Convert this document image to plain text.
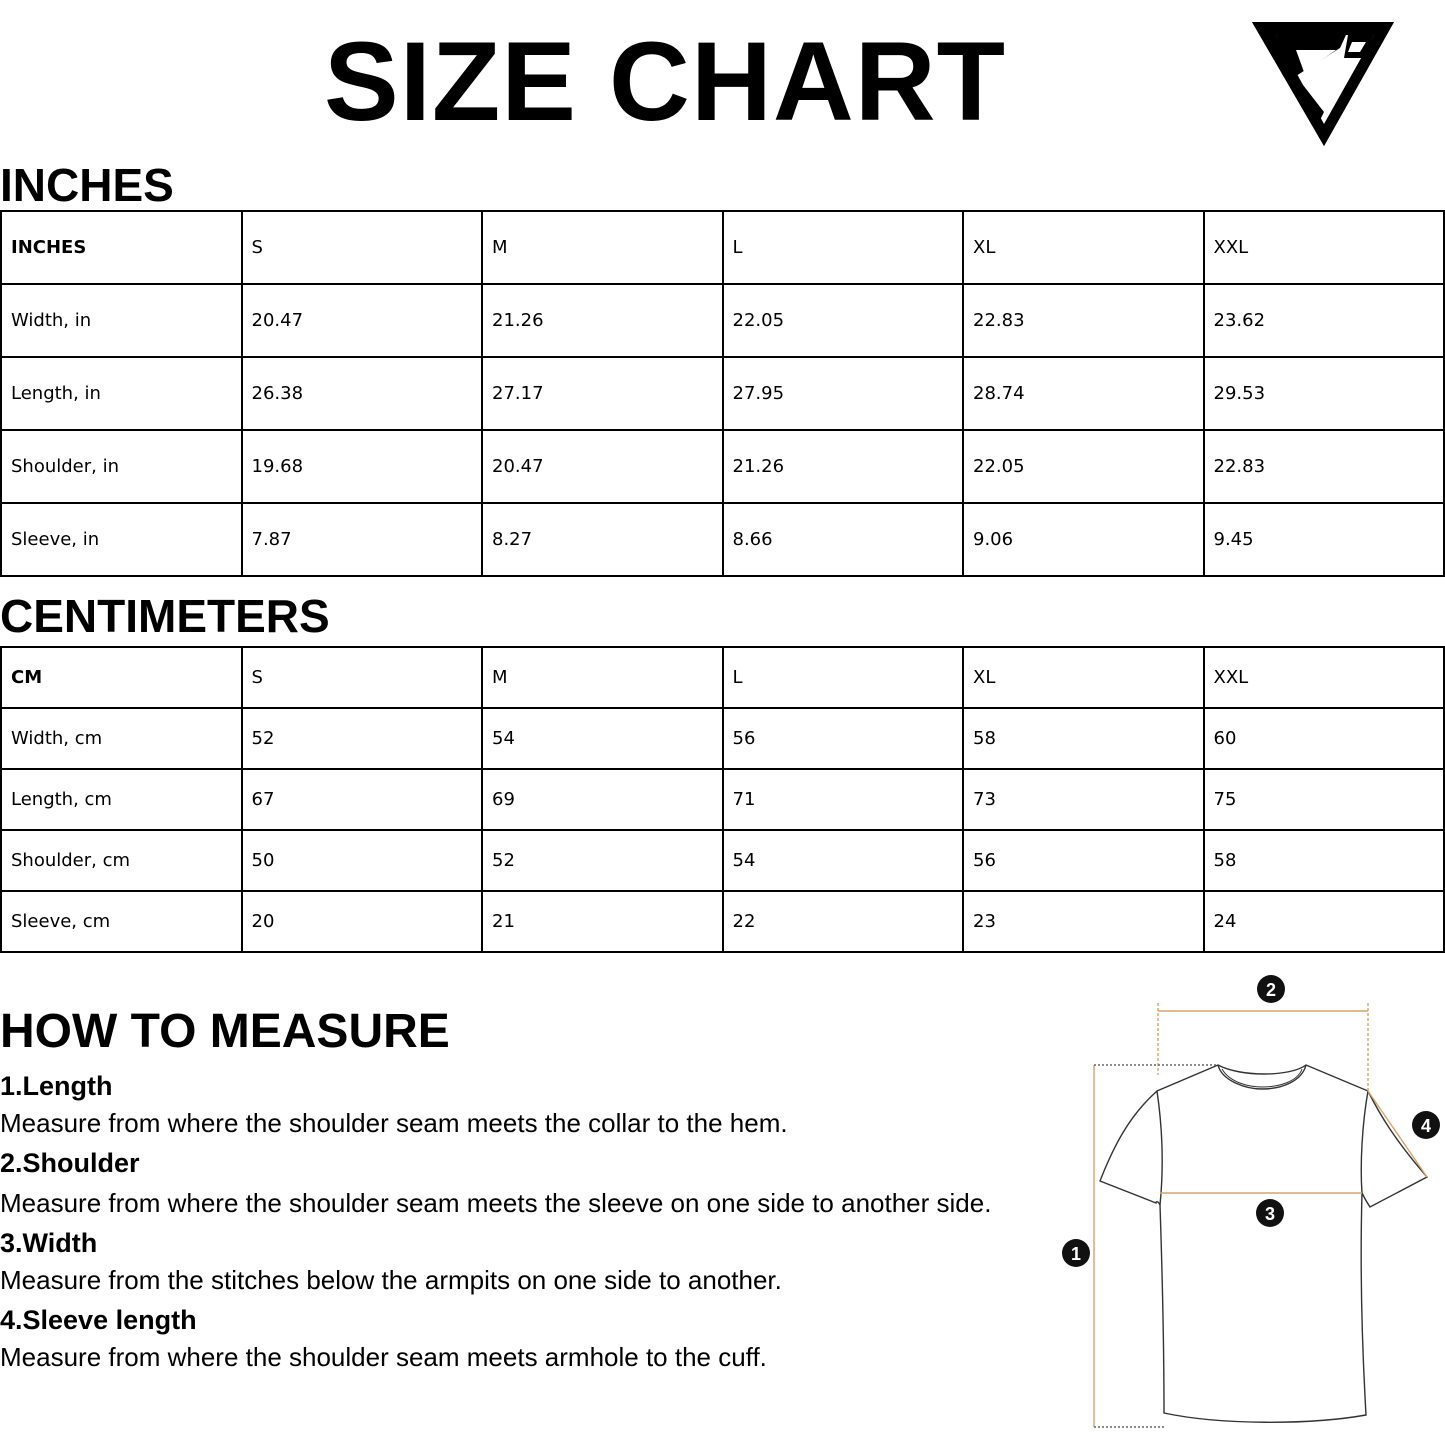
SIZE CHART
INCHES
INCHES	S	M	L	XL	XXL
Width, in	20.47	21.26	22.05	22.83	23.62
Length, in	26.38	27.17	27.95	28.74	29.53
Shoulder, in	19.68	20.47	21.26	22.05	22.83
Sleeve, in	7.87	8.27	8.66	9.06	9.45
CENTIMETERS
CM	S	M	L	XL	XXL
Width, cm	52	54	56	58	60
Length, cm	67	69	71	73	75
Shoulder, cm	50	52	54	56	58
Sleeve, cm	20	21	22	23	24
HOW TO MEASURE
1.Length
Measure from where the shoulder seam meets the collar to the hem.
2.Shoulder
Measure from where the shoulder seam meets the sleeve on one side to another side.
3.Width
Measure from the stitches below the armpits on one side to another.
4.Sleeve length
Measure from where the shoulder seam meets armhole to the cuff.
2
1
3
4
